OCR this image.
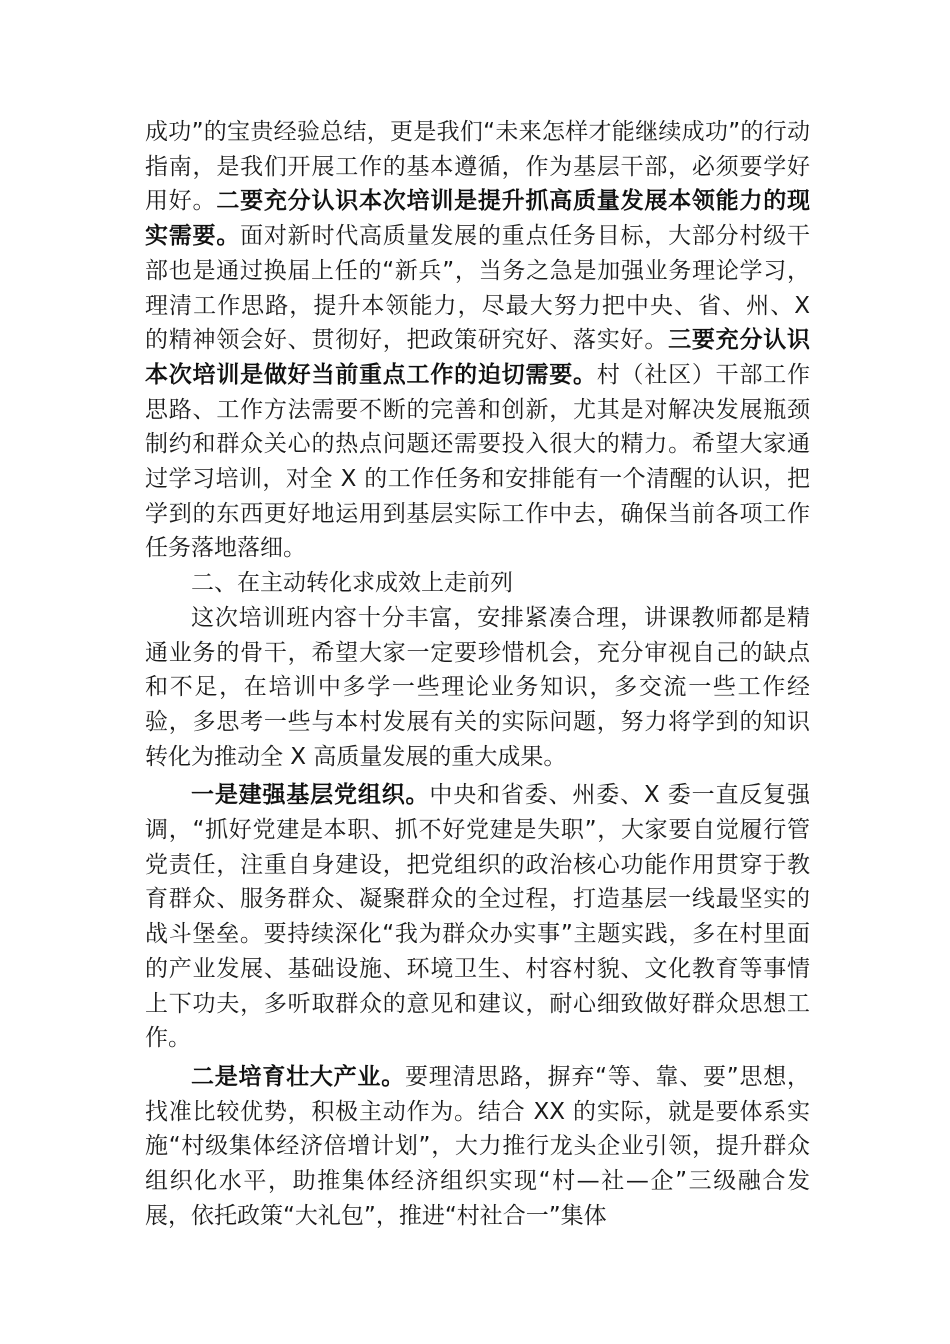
成功”的宝贵经验总结，更是我们“未来怎样才能继续成功”的行动指南，是我们开展工作的基本遵循，作为基层干部，必须要学好用好。二要充分认识本次培训是提升抓高质量发展本领能力的现实需要。面对新时代高质量发展的重点任务目标，大部分村级干部也是通过换届上任的“新兵”，当务之急是加强业务理论学习，理清工作思路，提升本领能力，尽最大努力把中央、省、州、X 的精神领会好、贯彻好，把政策研究好、落实好。三要充分认识本次培训是做好当前重点工作的迫切需要。村（社区）干部工作思路、工作方法需要不断的完善和创新，尤其是对解决发展瓶颈制约和群众关心的热点问题还需要投入很大的精力。希望大家通过学习培训，对全 X 的工作任务和安排能有一个清醒的认识，把学到的东西更好地运用到基层实际工作中去，确保当前各项工作任务落地落细。

二、在主动转化求成效上走前列

这次培训班内容十分丰富，安排紧凑合理，讲课教师都是精通业务的骨干，希望大家一定要珍惜机会，充分审视自己的缺点和不足，在培训中多学一些理论业务知识，多交流一些工作经验，多思考一些与本村发展有关的实际问题，努力将学到的知识转化为推动全 X 高质量发展的重大成果。

一是建强基层党组织。中央和省委、州委、X 委一直反复强调，“抓好党建是本职、抓不好党建是失职”，大家要自觉履行管党责任，注重自身建设，把党组织的政治核心功能作用贯穿于教育群众、服务群众、凝聚群众的全过程，打造基层一线最坚实的战斗堡垒。要持续深化“我为群众办实事”主题实践，多在村里面的产业发展、基础设施、环境卫生、村容村貌、文化教育等事情上下功夫，多听取群众的意见和建议，耐心细致做好群众思想工作。

二是培育壮大产业。要理清思路，摒弃“等、靠、要”思想，找准比较优势，积极主动作为。结合 XX 的实际，就是要体系实施“村级集体经济倍增计划”，大力推行龙头企业引领，提升群众组织化水平，助推集体经济组织实现“村—社—企”三级融合发展，依托政策“大礼包”，推进“村社合一”集体
